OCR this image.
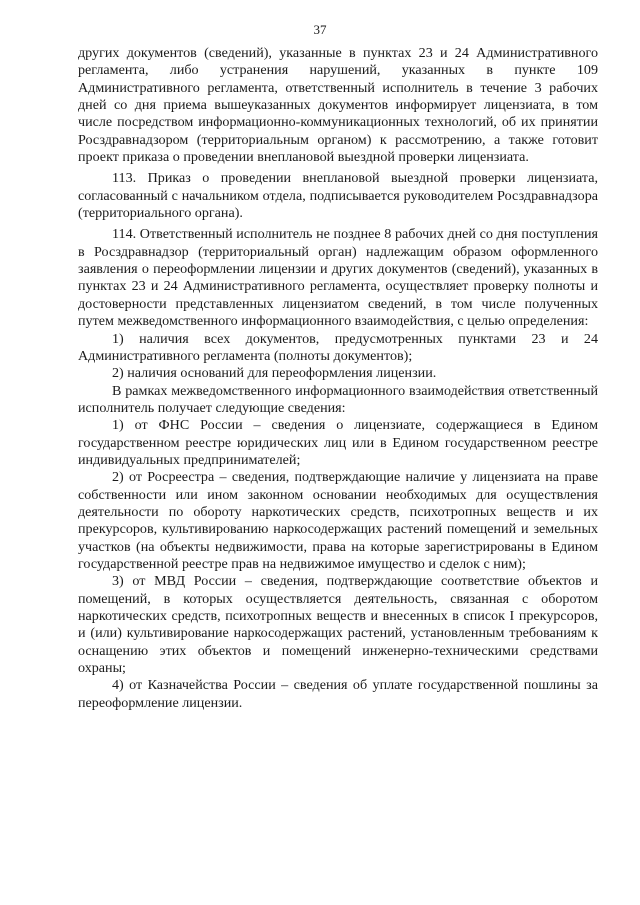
37

других документов (сведений), указанные в пунктах 23 и 24 Административного регламента, либо устранения нарушений, указанных в пункте 109 Административного регламента, ответственный исполнитель в течение 3 рабочих дней со дня приема вышеуказанных документов информирует лицензиата, в том числе посредством информационно-коммуникационных технологий, об их принятии Росздравнадзором (территориальным органом) к рассмотрению, а также готовит проект приказа о проведении внеплановой выездной проверки лицензиата.

113. Приказ о проведении внеплановой выездной проверки лицензиата, согласованный с начальником отдела, подписывается руководителем Росздравнадзора (территориального органа).

114. Ответственный исполнитель не позднее 8 рабочих дней со дня поступления в Росздравнадзор (территориальный орган) надлежащим образом оформленного заявления о переоформлении лицензии и других документов (сведений), указанных в пунктах 23 и 24 Административного регламента, осуществляет проверку полноты и достоверности представленных лицензиатом сведений, в том числе полученных путем межведомственного информационного взаимодействия, с целью определения:

1) наличия всех документов, предусмотренных пунктами 23 и 24 Административного регламента (полноты документов);

2) наличия оснований для переоформления лицензии.

В рамках межведомственного информационного взаимодействия ответственный исполнитель получает следующие сведения:

1) от ФНС России – сведения о лицензиате, содержащиеся в Едином государственном реестре юридических лиц или в Едином государственном реестре индивидуальных предпринимателей;

2) от Росреестра – сведения, подтверждающие наличие у лицензиата на праве собственности или ином законном основании необходимых для осуществления деятельности по обороту наркотических средств, психотропных веществ и их прекурсоров, культивированию наркосодержащих растений помещений и земельных участков (на объекты недвижимости, права на которые зарегистрированы в Едином государственной реестре прав на недвижимое имущество и сделок с ним);

3) от МВД России – сведения, подтверждающие соответствие объектов и помещений, в которых осуществляется деятельность, связанная с оборотом наркотических средств, психотропных веществ и внесенных в список I прекурсоров, и (или) культивирование наркосодержащих растений, установленным требованиям к оснащению этих объектов и помещений инженерно-техническими средствами охраны;

4) от Казначейства России – сведения об уплате государственной пошлины за переоформление лицензии.
